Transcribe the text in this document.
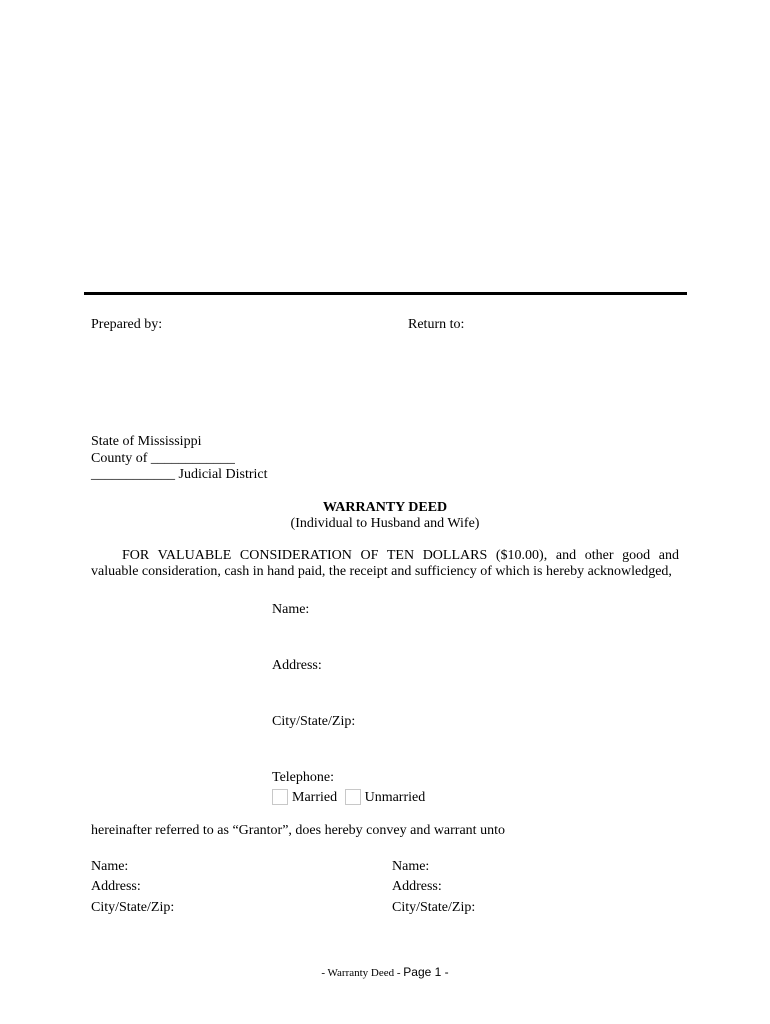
Prepared by:	Return to:
State of Mississippi
County of ____________
____________ Judicial District
WARRANTY DEED
(Individual to Husband and Wife)
FOR VALUABLE CONSIDERATION OF TEN DOLLARS ($10.00), and other good and
valuable consideration, cash in hand paid, the receipt and sufficiency of which is hereby acknowledged,
Name:
Address:
City/State/Zip:
Telephone:
Married Unmarried
hereinafter referred to as “Grantor”, does hereby convey and warrant unto
Name:
Address:
City/State/Zip:
Name:
Address:
City/State/Zip:
- Warranty Deed - Page 1 -
